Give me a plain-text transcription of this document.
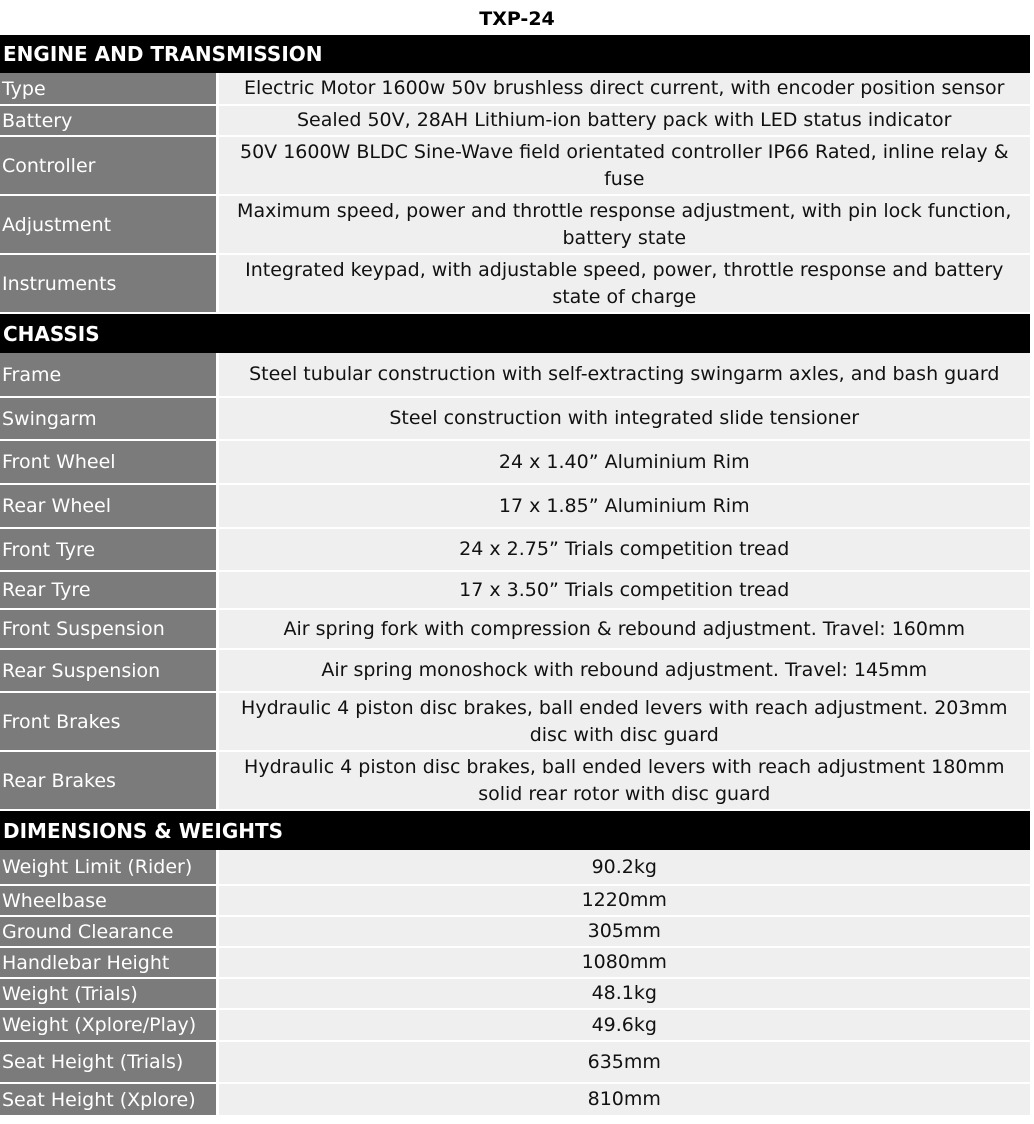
TXP-24
ENGINE AND TRANSMISSION	
Type	Electric Motor 1600w 50v brushless direct current, with encoder position sensor
Battery	Sealed 50V, 28AH Lithium-ion battery pack with LED status indicator
Controller	50V 1600W BLDC Sine-Wave field orientated controller IP66 Rated, inline relay & fuse
Adjustment	Maximum speed, power and throttle response adjustment, with pin lock function, battery state
Instruments	Integrated keypad, with adjustable speed, power, throttle response and battery state of charge
CHASSIS	
Frame	Steel tubular construction with self-extracting swingarm axles, and bash guard
Swingarm	Steel construction with integrated slide tensioner
Front Wheel	24 x 1.40” Aluminium Rim
Rear Wheel	17 x 1.85” Aluminium Rim
Front Tyre	24 x 2.75” Trials competition tread
Rear Tyre	17 x 3.50” Trials competition tread
Front Suspension	Air spring fork with compression & rebound adjustment. Travel: 160mm
Rear Suspension	Air spring monoshock with rebound adjustment. Travel: 145mm
Front Brakes	Hydraulic 4 piston disc brakes, ball ended levers with reach adjustment. 203mm disc with disc guard
Rear Brakes	Hydraulic 4 piston disc brakes, ball ended levers with reach adjustment 180mm solid rear rotor with disc guard
DIMENSIONS & WEIGHTS	
Weight Limit (Rider)	90.2kg
Wheelbase	1220mm
Ground Clearance	305mm
Handlebar Height	1080mm
Weight (Trials)	48.1kg
Weight (Xplore/Play)	49.6kg
Seat Height (Trials)	635mm
Seat Height (Xplore)	810mm
